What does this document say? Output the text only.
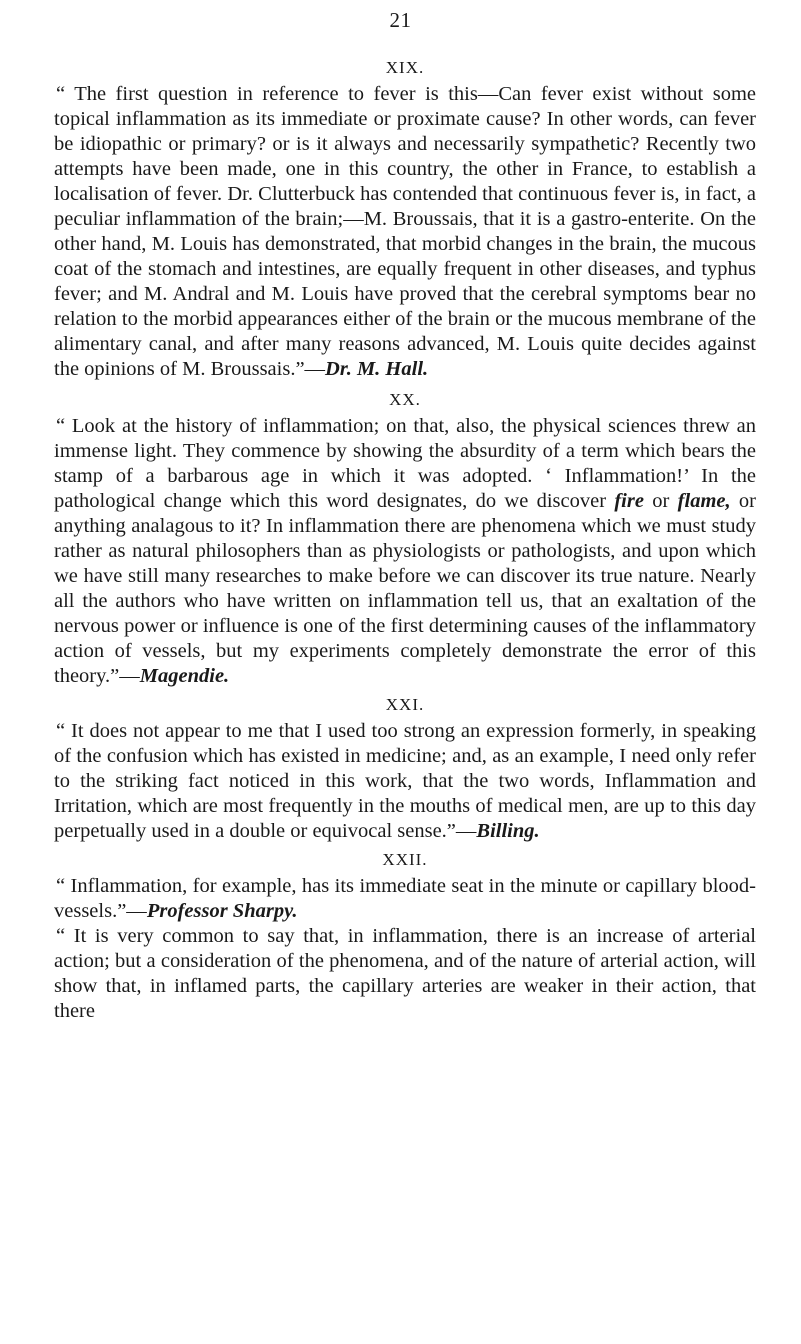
21
XIX.

“ The first question in reference to fever is this—Can fever exist without some topical inflammation as its immediate or proximate cause? In other words, can fever be idiopathic or primary? or is it always and necessarily sympathetic? Recently two attempts have been made, one in this country, the other in France, to establish a localisation of fever. Dr. Clutterbuck has contended that continuous fever is, in fact, a peculiar inflammation of the brain;—M. Broussais, that it is a gastro-enterite. On the other hand, M. Louis has demonstrated, that morbid changes in the brain, the mucous coat of the stomach and intestines, are equally frequent in other diseases, and typhus fever; and M. Andral and M. Louis have proved that the cerebral symptoms bear no relation to the morbid appearances either of the brain or the mucous membrane of the alimentary canal, and after many reasons advanced, M. Louis quite decides against the opinions of M. Broussais.”—Dr. M. Hall.

XX.

“ Look at the history of inflammation; on that, also, the physical sciences threw an immense light. They commence by showing the absurdity of a term which bears the stamp of a barbarous age in which it was adopted. ‘ Inflammation!’ In the pathological change which this word designates, do we discover fire or flame, or anything analagous to it? In inflammation there are phenomena which we must study rather as natural philosophers than as physiologists or pathologists, and upon which we have still many researches to make before we can discover its true nature. Nearly all the authors who have written on inflammation tell us, that an exaltation of the nervous power or influence is one of the first determining causes of the inflammatory action of vessels, but my experiments completely demonstrate the error of this theory.”—Magendie.

XXI.

“ It does not appear to me that I used too strong an expression formerly, in speaking of the confusion which has existed in medicine; and, as an example, I need only refer to the striking fact noticed in this work, that the two words, Inflammation and Irritation, which are most frequently in the mouths of medical men, are up to this day perpetually used in a double or equivocal sense.”—Billing.

XXII.

“ Inflammation, for example, has its immediate seat in the minute or capillary blood-vessels.”—Professor Sharpy.

“ It is very common to say that, in inflammation, there is an increase of arterial action; but a consideration of the phenomena, and of the nature of arterial action, will show that, in inflamed parts, the capillary arteries are weaker in their action, that there
